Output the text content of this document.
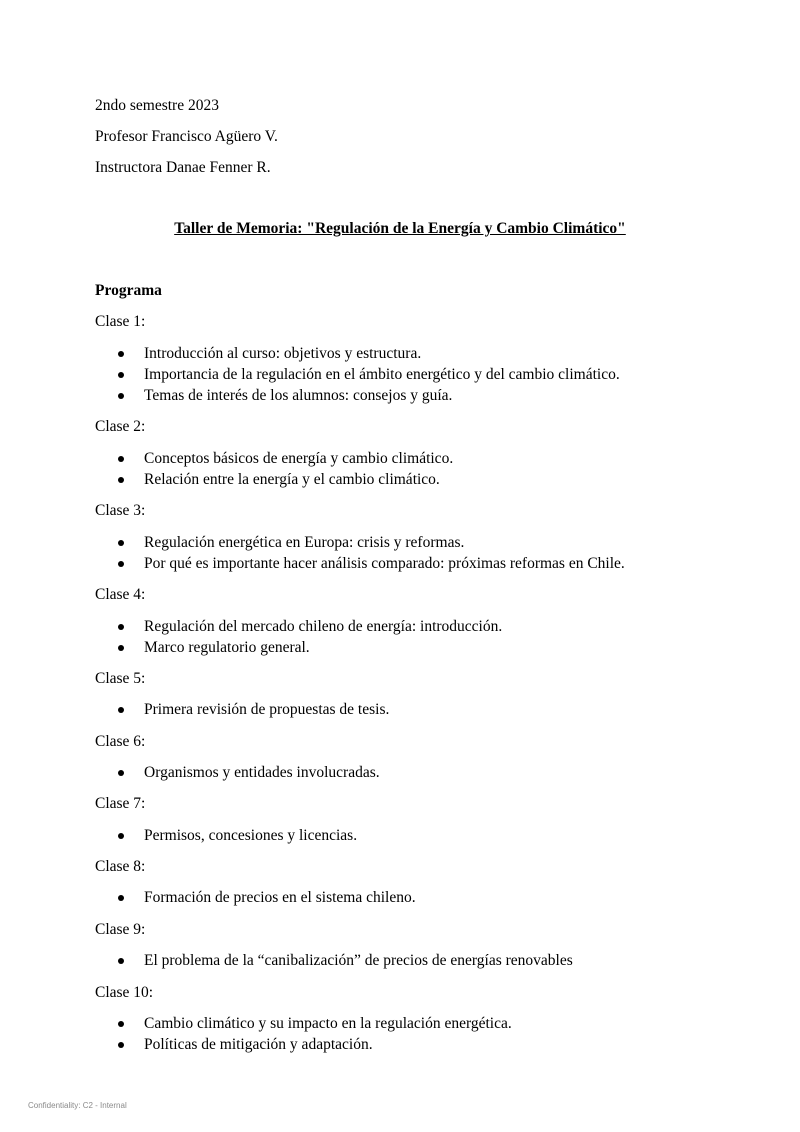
2ndo semestre 2023
Profesor Francisco Agüero V.
Instructora Danae Fenner R.
Taller de Memoria: "Regulación de la Energía y Cambio Climático"
Programa
Clase 1:
Introducción al curso: objetivos y estructura.
Importancia de la regulación en el ámbito energético y del cambio climático.
Temas de interés de los alumnos: consejos y guía.
Clase 2:
Conceptos básicos de energía y cambio climático.
Relación entre la energía y el cambio climático.
Clase 3:
Regulación energética en Europa: crisis y reformas.
Por qué es importante hacer análisis comparado: próximas reformas en Chile.
Clase 4:
Regulación del mercado chileno de energía: introducción.
Marco regulatorio general.
Clase 5:
Primera revisión de propuestas de tesis.
Clase 6:
Organismos y entidades involucradas.
Clase 7:
Permisos, concesiones y licencias.
Clase 8:
Formación de precios en el sistema chileno.
Clase 9:
El problema de la “canibalización” de precios de energías renovables
Clase 10:
Cambio climático y su impacto en la regulación energética.
Políticas de mitigación y adaptación.
Confidentiality: C2 - Internal
